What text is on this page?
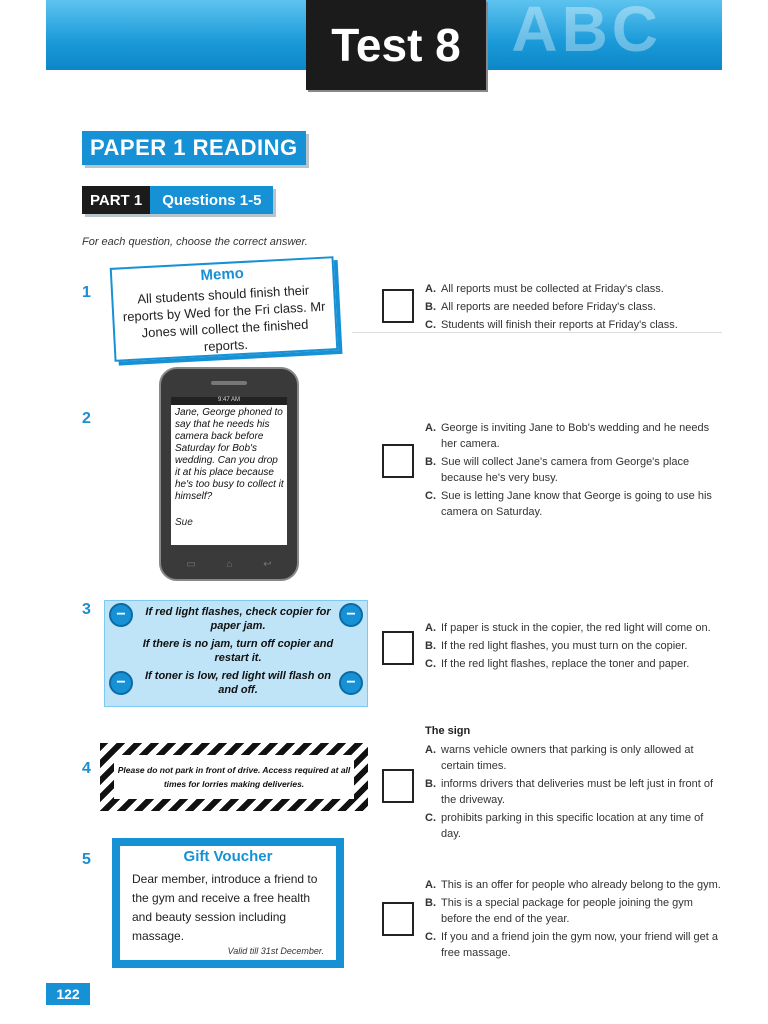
ABC
Test 8
PAPER 1 READING
PART 1	Questions 1-5
For each question, choose the correct answer.
1
Memo
All students should finish their reports by Wed for the Fri class. Mr Jones will collect the finished reports.
A. All reports must be collected at Friday's class.
B. All reports are needed before Friday's class.
C. Students will finish their reports at Friday's class.
2
9:47 AM
Jane, George phoned to say that he needs his camera back before Saturday for Bob's wedding. Can you drop it at his place because he's too busy to collect it himself?
Sue
☎ ♫ ✉ ◉
▭	⌂	↩
A. George is inviting Jane to Bob's wedding and he needs her camera.
B. Sue will collect Jane's camera from George's place because he's very busy.
C. Sue is letting Jane know that George is going to use his camera on Saturday.
3	−	−
−	−

If red light flashes, check copier for paper jam.

If there is no jam, turn off copier and restart it.

If toner is low, red light will flash on and off.

A. If paper is stuck in the copier, the red light will come on.
B. If the red light flashes, you must turn on the copier.
C. If the red light flashes, replace the toner and paper.
4	Please do not park in front of drive. Access required at all times for lorries making deliveries.
The sign
A. warns vehicle owners that parking is only allowed at certain times.
B. informs drivers that deliveries must be left just in front of the driveway.
C. prohibits parking in this specific location at any time of day.
5	Gift Voucher
Dear member, introduce a friend to the gym and receive a free health and beauty session including massage.
Valid till 31st December.
A. This is an offer for people who already belong to the gym.
B. This is a special package for people joining the gym before the end of the year.
C. If you and a friend join the gym now, your friend will get a free massage.
122
